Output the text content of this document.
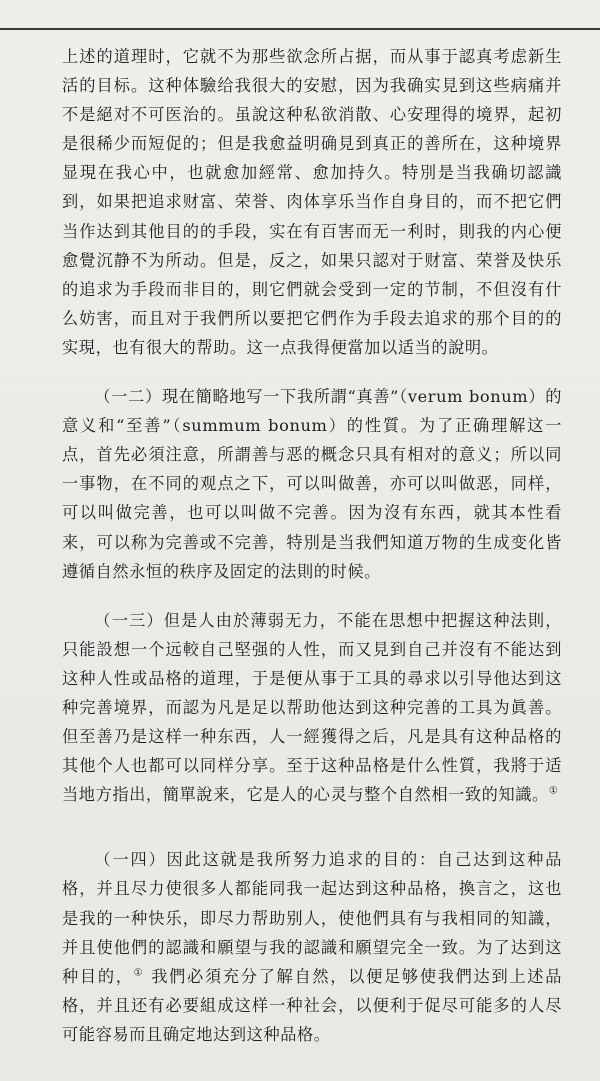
上述的道理时，它就不为那些欲念所占据，而从事于認真考虑新生活的目标。这种体驗给我很大的安慰，因为我确实見到这些病痛并不是絕对不可医治的。虽說这种私欲消散、心安理得的境界，起初是很稀少而短促的；但是我愈益明确見到真正的善所在，这种境界显現在我心中，也就愈加經常、愈加持久。特別是当我确切認識到，如果把追求财富、荣誉、肉体享乐当作自身目的，而不把它們当作达到其他目的的手段，实在有百害而无一利时，則我的内心便愈覺沉静不为所动。但是，反之，如果只認对于财富、荣誉及快乐的追求为手段而非目的，則它們就会受到一定的节制，不但沒有什么妨害，而且对于我們所以要把它們作为手段去追求的那个目的的实現，也有很大的帮助。这一点我得便當加以适当的說明。

（一二）現在簡略地写一下我所謂“真善”（verum bonum）的意义和“至善”（summum bonum）的性質。为了正确理解这一点，首先必須注意，所謂善与恶的概念只具有相对的意义；所以同一事物，在不同的观点之下，可以叫做善，亦可以叫做恶，同样，可以叫做完善，也可以叫做不完善。因为沒有东西，就其本性看来，可以称为完善或不完善，特別是当我們知道万物的生成变化皆遵循自然永恒的秩序及固定的法則的时候。

（一三）但是人由於薄弱无力，不能在思想中把握这种法則，只能設想一个远較自己堅强的人性，而又見到自己并沒有不能达到这种人性或品格的道理，于是便从事于工具的尋求以引导他达到这种完善境界，而認为凡是足以帮助他达到这种完善的工具为眞善。但至善乃是这样一种东西，人一經獲得之后，凡是具有这种品格的其他个人也都可以同样分享。至于这种品格是什么性質，我將于适当地方指出，簡單說来，它是人的心灵与整个自然相一致的知識。①

（一四）因此这就是我所努力追求的目的：自己达到这种品格，并且尽力使很多人都能同我一起达到这种品格，換言之，这也是我的一种快乐，即尽力帮助别人，使他們具有与我相同的知識，并且使他們的認識和願望与我的認識和願望完全一致。为了达到这种目的，① 我們必須充分了解自然，以便足够使我們达到上述品格，并且还有必要組成这样一种社会，以便利于促尽可能多的人尽可能容易而且确定地达到这种品格。
